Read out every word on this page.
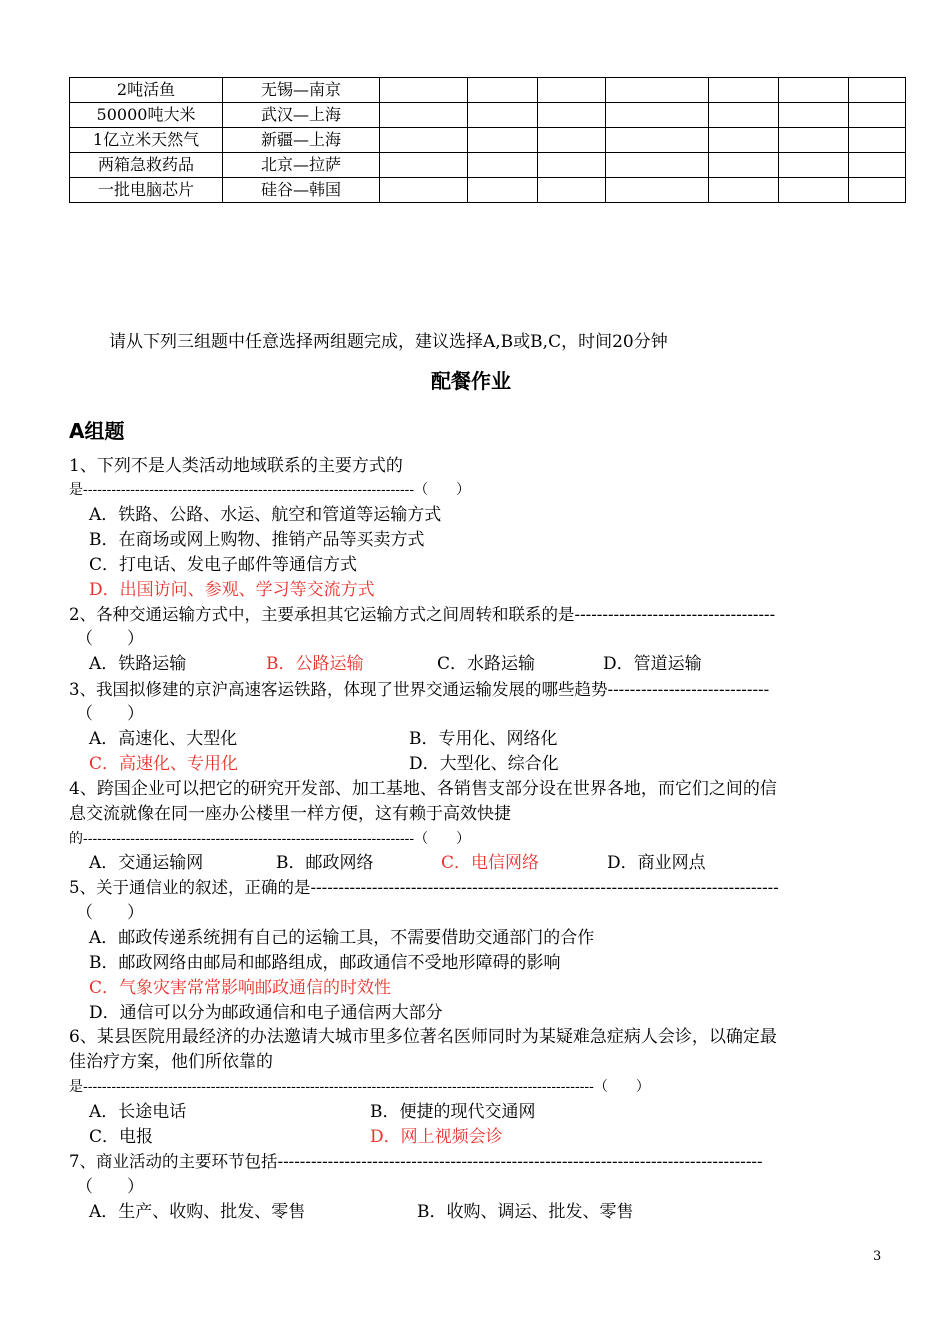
2吨活鱼	无锡—南京							
50000吨大米	武汉—上海							
1亿立米天然气	新疆—上海							
两箱急救药品	北京—拉萨							
一批电脑芯片	硅谷—韩国							
请从下列三组题中任意选择两组题完成，建议选择A,B或B,C，时间20分钟
配餐作业
A组题
1、下列不是人类活动地域联系的主要方式的
是----------------------------------------------------------------------（　　）
A．铁路、公路、水运、航空和管道等运输方式
B．在商场或网上购物、推销产品等买卖方式
C．打电话、发电子邮件等通信方式
D．出国访问、参观、学习等交流方式
2、各种交通运输方式中，主要承担其它运输方式之间周转和联系的是------------------------------------
（　　）
A．铁路运输	B．公路运输	C．水路运输	D．管道运输
3、我国拟修建的京沪高速客运铁路，体现了世界交通运输发展的哪些趋势-----------------------------
（　　）
A．高速化、大型化	B．专用化、网络化
C．高速化、专用化	D．大型化、综合化
4、跨国企业可以把它的研究开发部、加工基地、各销售支部分设在世界各地，而它们之间的信
息交流就像在同一座办公楼里一样方便，这有赖于高效快捷
的----------------------------------------------------------------------（　　）
A．交通运输网	B．邮政网络	C．电信网络	D．商业网点
5、关于通信业的叙述，正确的是------------------------------------------------------------------------------------
（　　）
A．邮政传递系统拥有自己的运输工具，不需要借助交通部门的合作
B．邮政网络由邮局和邮路组成，邮政通信不受地形障碍的影响
C．气象灾害常常影响邮政通信的时效性
D．通信可以分为邮政通信和电子通信两大部分
6、某县医院用最经济的办法邀请大城市里多位著名医师同时为某疑难急症病人会诊，以确定最
佳治疗方案，他们所依靠的
是------------------------------------------------------------------------------------------------------------（　　）
A．长途电话	B．便捷的现代交通网
C．电报	D．网上视频会诊
7、商业活动的主要环节包括---------------------------------------------------------------------------------------
（　　）
A．生产、收购、批发、零售	B．收购、调运、批发、零售
3
